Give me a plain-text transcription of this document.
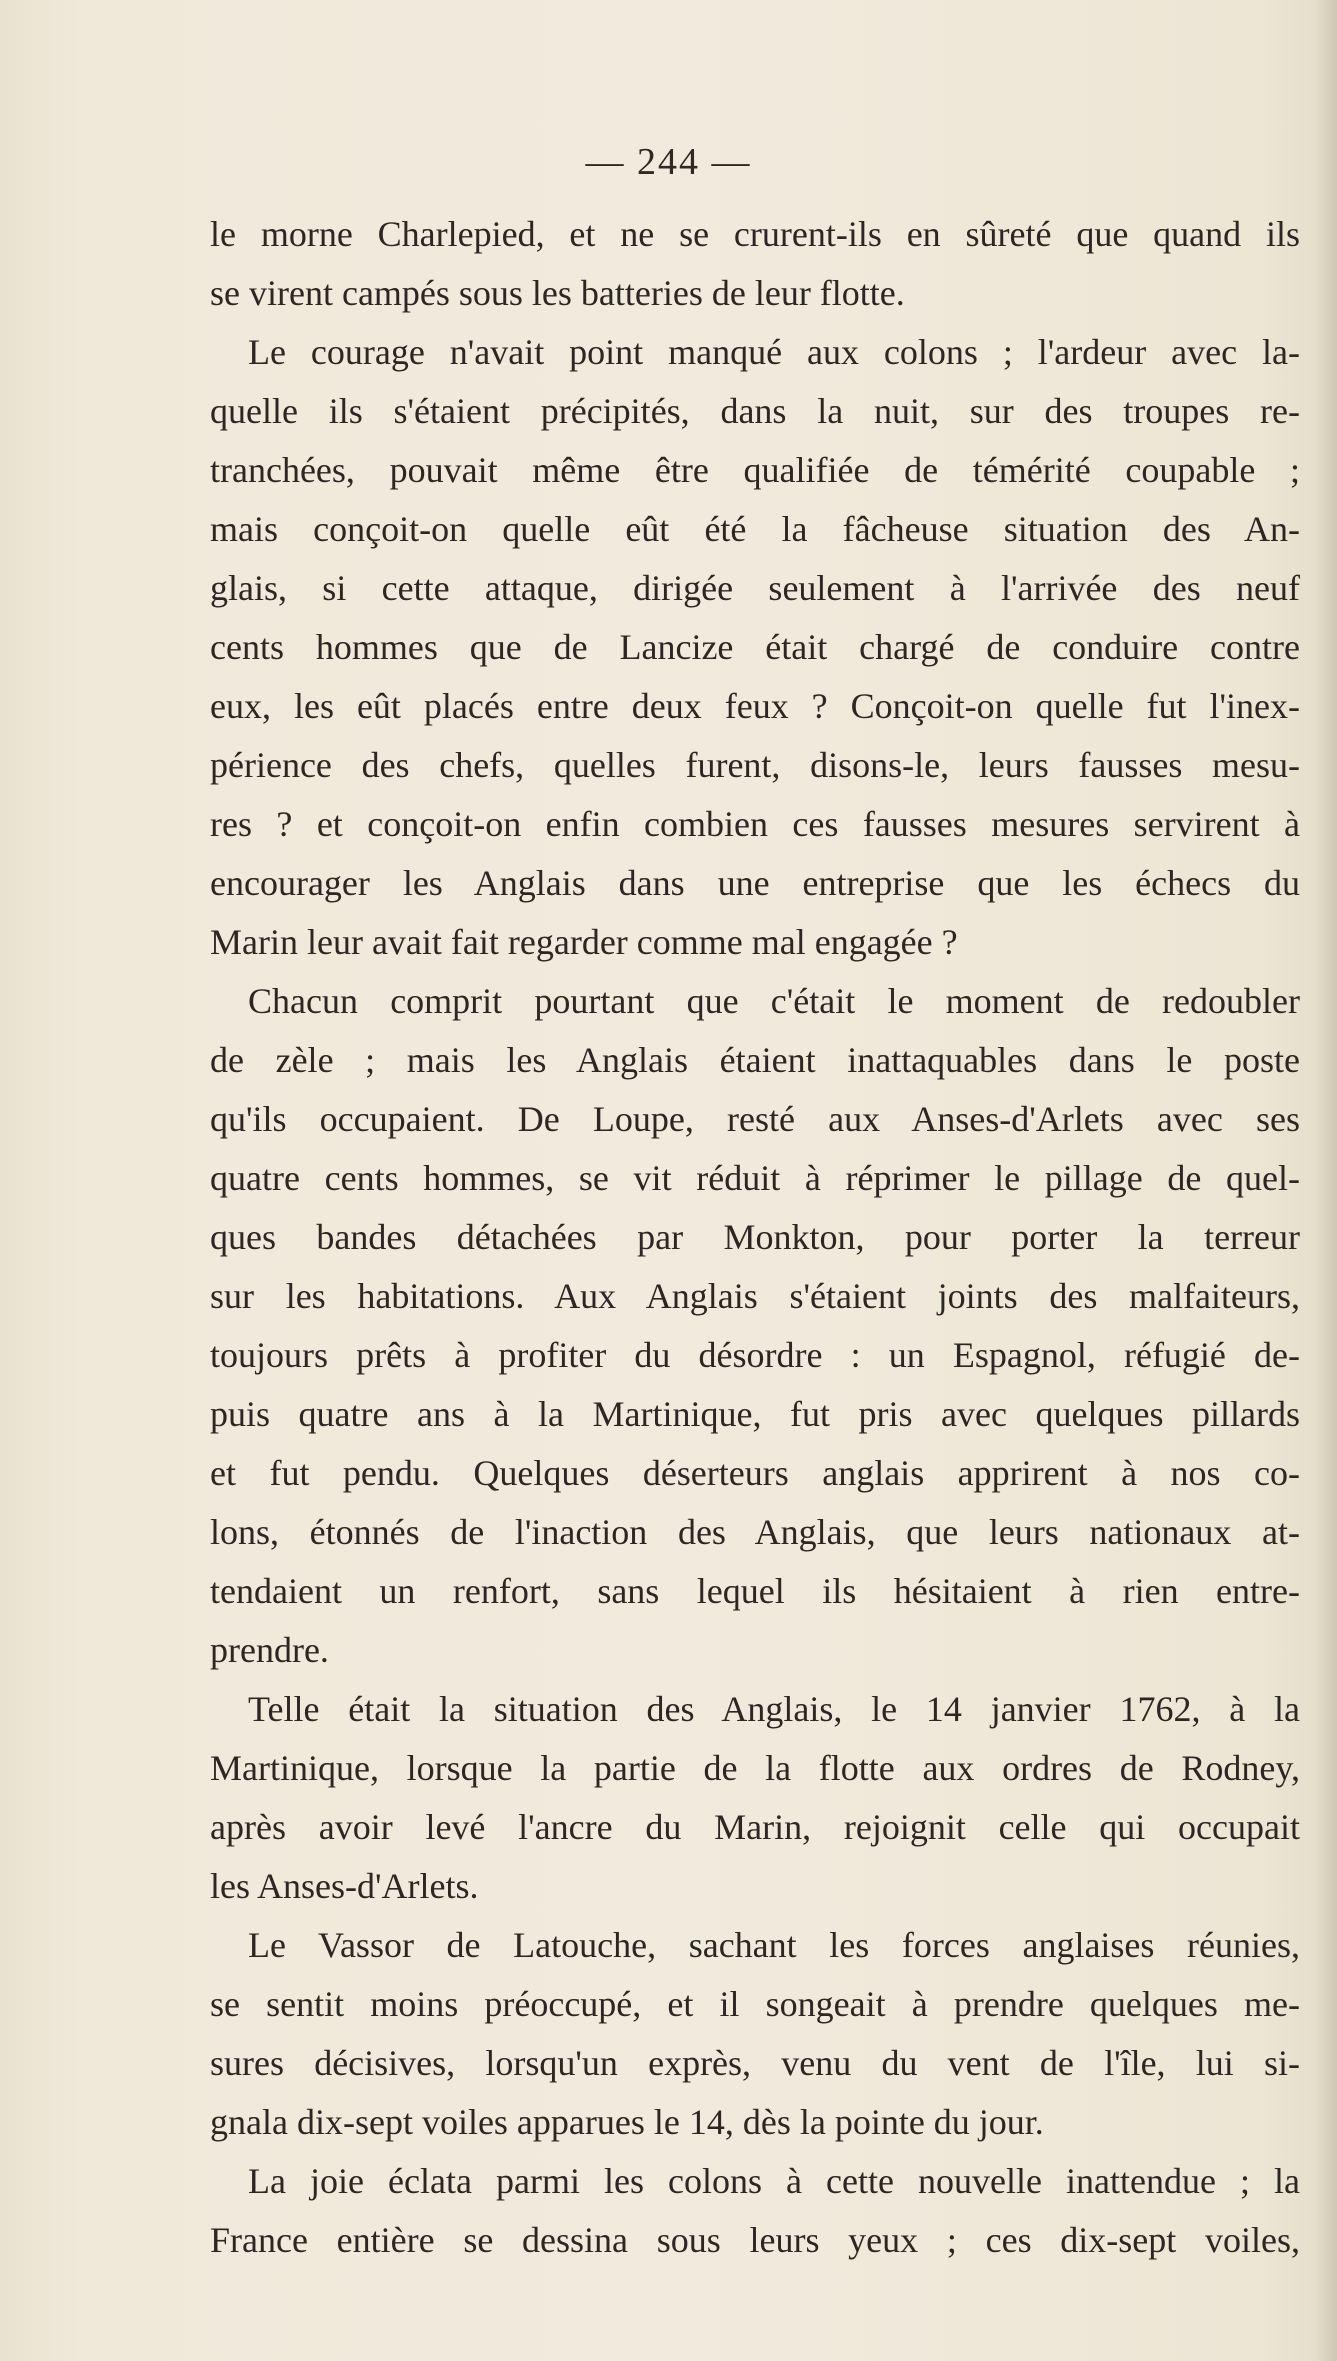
— 244 —
le morne Charlepied, et ne se crurent-ils en sûreté que quand ils
se virent campés sous les batteries de leur flotte.
Le courage n'avait point manqué aux colons ; l'ardeur avec la-
quelle ils s'étaient précipités, dans la nuit, sur des troupes re-
tranchées, pouvait même être qualifiée de témérité coupable ;
mais conçoit-on quelle eût été la fâcheuse situation des An-
glais, si cette attaque, dirigée seulement à l'arrivée des neuf
cents hommes que de Lancize était chargé de conduire contre
eux, les eût placés entre deux feux ? Conçoit-on quelle fut l'inex-
périence des chefs, quelles furent, disons-le, leurs fausses mesu-
res ? et conçoit-on enfin combien ces fausses mesures servirent à
encourager les Anglais dans une entreprise que les échecs du
Marin leur avait fait regarder comme mal engagée ?
Chacun comprit pourtant que c'était le moment de redoubler
de zèle ; mais les Anglais étaient inattaquables dans le poste
qu'ils occupaient. De Loupe, resté aux Anses-d'Arlets avec ses
quatre cents hommes, se vit réduit à réprimer le pillage de quel-
ques bandes détachées par Monkton, pour porter la terreur
sur les habitations. Aux Anglais s'étaient joints des malfaiteurs,
toujours prêts à profiter du désordre : un Espagnol, réfugié de-
puis quatre ans à la Martinique, fut pris avec quelques pillards
et fut pendu. Quelques déserteurs anglais apprirent à nos co-
lons, étonnés de l'inaction des Anglais, que leurs nationaux at-
tendaient un renfort, sans lequel ils hésitaient à rien entre-
prendre.
Telle était la situation des Anglais, le 14 janvier 1762, à la
Martinique, lorsque la partie de la flotte aux ordres de Rodney,
après avoir levé l'ancre du Marin, rejoignit celle qui occupait
les Anses-d'Arlets.
Le Vassor de Latouche, sachant les forces anglaises réunies,
se sentit moins préoccupé, et il songeait à prendre quelques me-
sures décisives, lorsqu'un exprès, venu du vent de l'île, lui si-
gnala dix-sept voiles apparues le 14, dès la pointe du jour.
La joie éclata parmi les colons à cette nouvelle inattendue ; la
France entière se dessina sous leurs yeux ; ces dix-sept voiles,
